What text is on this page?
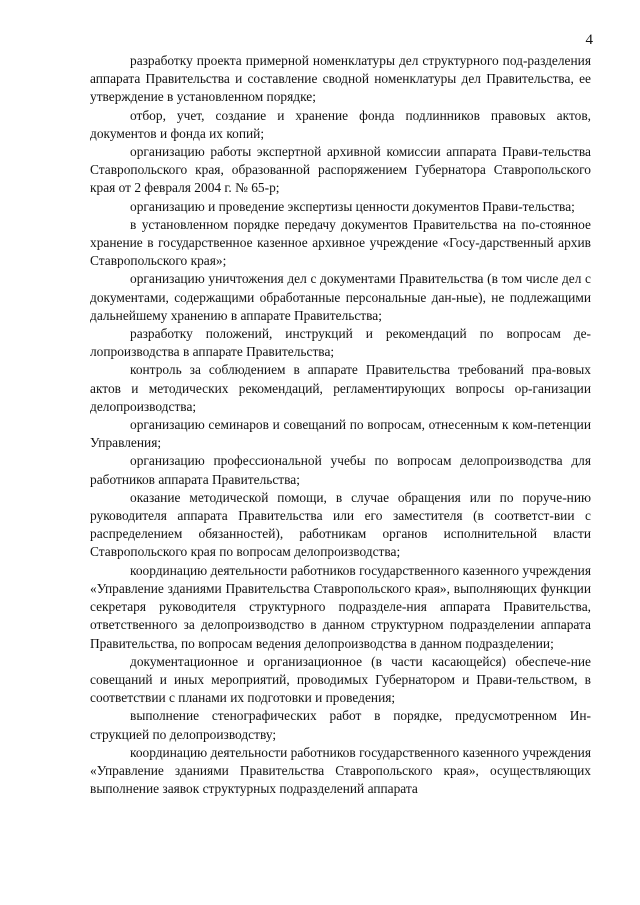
4

разработку проекта примерной номенклатуры дел структурного под-разделения аппарата Правительства и составление сводной номенклатуры дел Правительства, ее утверждение в установленном порядке;

отбор, учет, создание и хранение фонда подлинников правовых актов, документов и фонда их копий;

организацию работы экспертной архивной комиссии аппарата Прави-тельства Ставропольского края, образованной распоряжением Губернатора Ставропольского края от 2 февраля 2004 г. № 65-р;

организацию и проведение экспертизы ценности документов Прави-тельства;

в установленном порядке передачу документов Правительства на по-стоянное хранение в государственное казенное архивное учреждение «Госу-дарственный архив Ставропольского края»;

организацию уничтожения дел с документами Правительства (в том числе дел с документами, содержащими обработанные персональные дан-ные), не подлежащими дальнейшему хранению в аппарате Правительства;

разработку положений, инструкций и рекомендаций по вопросам де-лопроизводства в аппарате Правительства;

контроль за соблюдением в аппарате Правительства требований пра-вовых актов и методических рекомендаций, регламентирующих вопросы ор-ганизации делопроизводства;

организацию семинаров и совещаний по вопросам, отнесенным к ком-петенции Управления;

организацию профессиональной учебы по вопросам делопроизводства для работников аппарата Правительства;

оказание методической помощи, в случае обращения или по поруче-нию руководителя аппарата Правительства или его заместителя (в соответст-вии с распределением обязанностей), работникам органов исполнительной власти Ставропольского края по вопросам делопроизводства;

координацию деятельности работников государственного казенного учреждения «Управление зданиями Правительства Ставропольского края», выполняющих функции секретаря руководителя структурного подразделе-ния аппарата Правительства, ответственного за делопроизводство в данном структурном подразделении аппарата Правительства, по вопросам ведения делопроизводства в данном подразделении;

документационное и организационное (в части касающейся) обеспече-ние совещаний и иных мероприятий, проводимых Губернатором и Прави-тельством, в соответствии с планами их подготовки и проведения;

выполнение стенографических работ в порядке, предусмотренном Ин-струкцией по делопроизводству;

координацию деятельности работников государственного казенного учреждения «Управление зданиями Правительства Ставропольского края», осуществляющих выполнение заявок структурных подразделений аппарата
